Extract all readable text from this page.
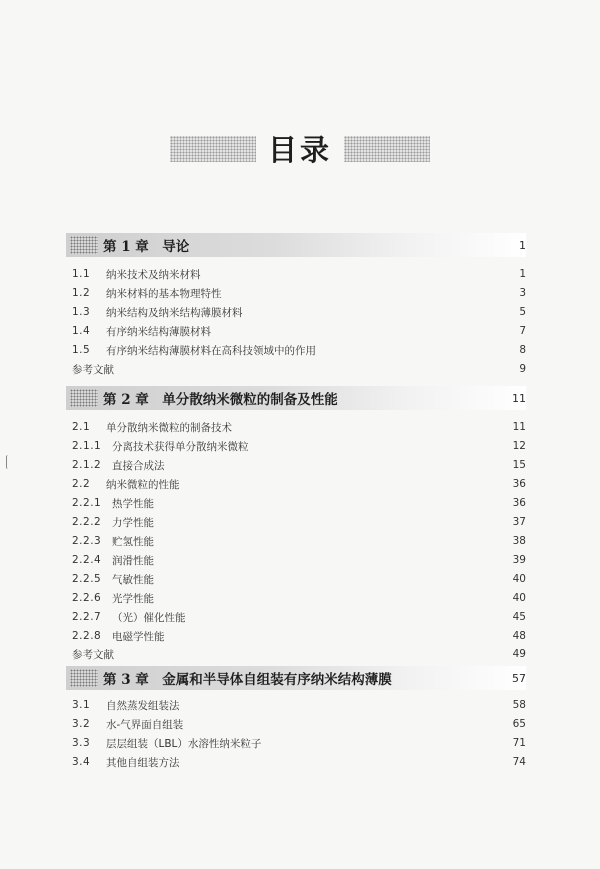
目录
第 1 章　导论	1
1.1	纳米技术及纳米材料	1
1.2	纳米材料的基本物理特性	3
1.3	纳米结构及纳米结构薄膜材料	5
1.4	有序纳米结构薄膜材料	7
1.5	有序纳米结构薄膜材料在高科技领域中的作用	8
参考文献	9
第 2 章　单分散纳米微粒的制备及性能	11
2.1	单分散纳米微粒的制备技术	11
2.1.1	分离技术获得单分散纳米微粒	12
2.1.2	直接合成法	15
2.2	纳米微粒的性能	36
2.2.1	热学性能	36
2.2.2	力学性能	37
2.2.3	贮氢性能	38
2.2.4	润滑性能	39
2.2.5	气敏性能	40
2.2.6	光学性能	40
2.2.7	（光）催化性能	45
2.2.8	电磁学性能	48
参考文献	49
第 3 章　金属和半导体自组装有序纳米结构薄膜	57
3.1	自然蒸发组装法	58
3.2	水-气界面自组装	65
3.3	层层组装（LBL）水溶性纳米粒子	71
3.4	其他自组装方法	74
